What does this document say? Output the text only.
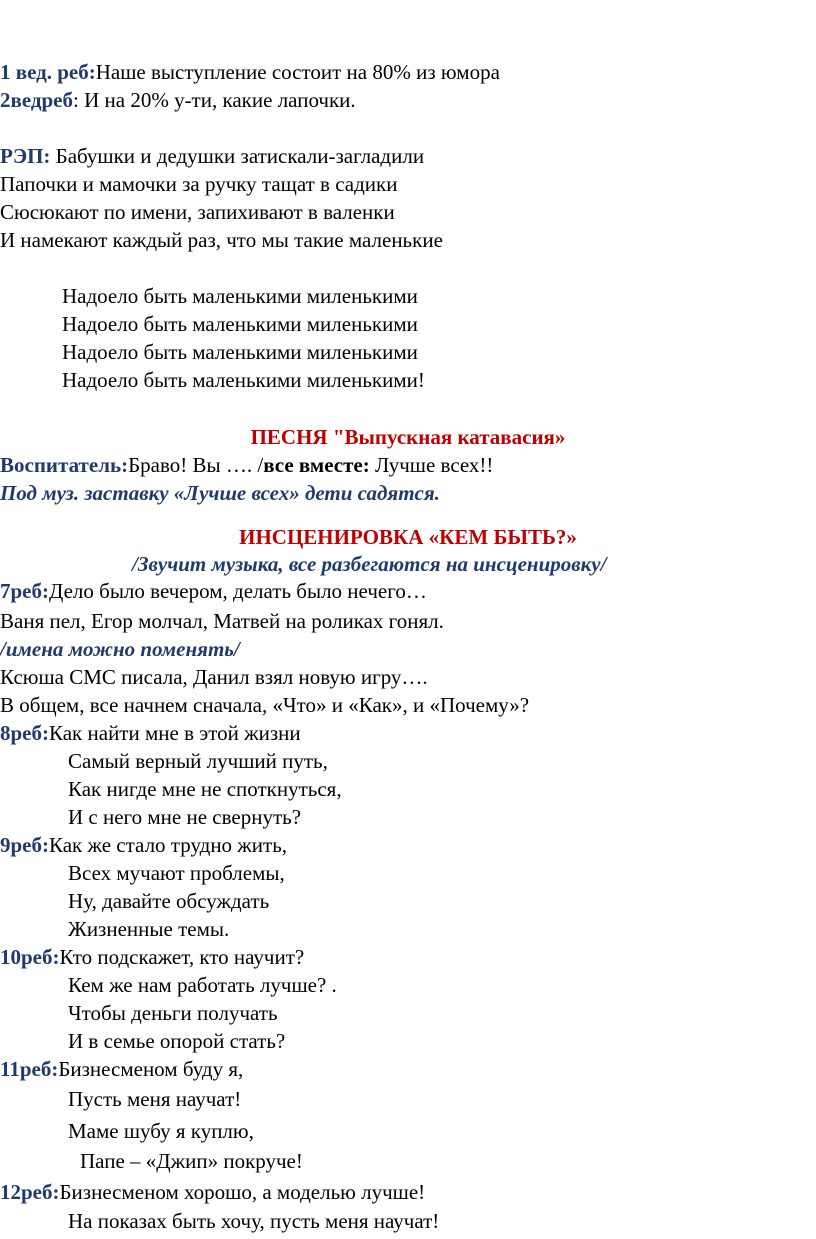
1 вед. реб:Наше выступление состоит на 80% из юмора
2ведреб: И на 20% у-ти, какие лапочки.
РЭП: Бабушки и дедушки затискали-загладили
Папочки и мамочки за ручку тащат в садики
Сюсюкают по имени, запихивают в валенки
И намекают каждый раз, что мы такие маленькие
Надоело быть маленькими миленькими
Надоело быть маленькими миленькими
Надоело быть маленькими миленькими
Надоело быть маленькими миленькими!
ПЕСНЯ "Выпускная катавасия»
Воспитатель:Браво! Вы …. /все вместе: Лучше всех!!
Под муз. заставку «Лучше всех» дети садятся.
ИНСЦЕНИРОВКА «КЕМ БЫТЬ?»
/Звучит музыка, все разбегаются на инсценировку/
7реб:Дело было вечером, делать было нечего…
Ваня пел, Егор молчал, Матвей на роликах гонял.
/имена можно поменять/
Ксюша СМС писала, Данил взял новую игру….
В общем, все начнем сначала, «Что» и «Как», и «Почему»?
8реб:Как найти мне в этой жизни
Самый верный лучший путь,
Как нигде мне не споткнуться,
И с него мне не свернуть?
9реб:Как же стало трудно жить,
Всех мучают проблемы,
Ну, давайте обсуждать
Жизненные темы.
10реб:Кто подскажет, кто научит?
Кем же нам работать лучше? .
Чтобы деньги получать
И в семье опорой стать?
11реб:Бизнесменом буду я,
Пусть меня научат!
Маме шубу я куплю,
Папе – «Джип» покруче!
12реб:Бизнесменом хорошо, а моделью лучше!
На показах быть хочу, пусть меня научат!
